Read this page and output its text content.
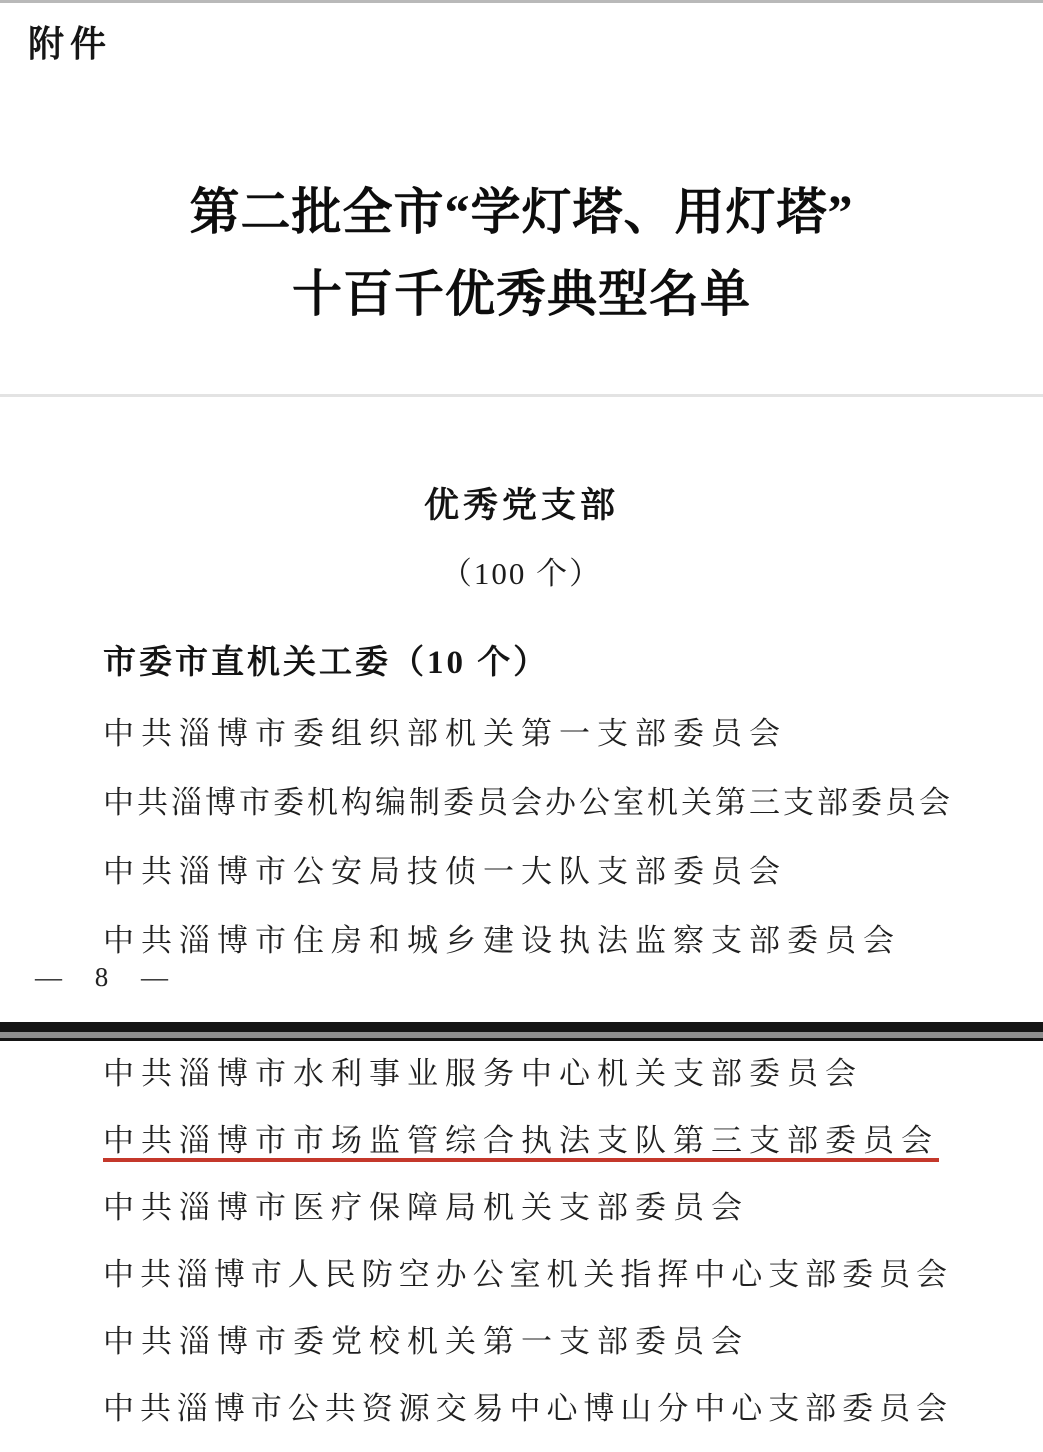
附件
第二批全市“学灯塔、用灯塔”
十百千优秀典型名单
优秀党支部
（100 个）
市委市直机关工委（10 个）
中共淄博市委组织部机关第一支部委员会
中共淄博市委机构编制委员会办公室机关第三支部委员会
中共淄博市公安局技侦一大队支部委员会
中共淄博市住房和城乡建设执法监察支部委员会
— 8 —
中共淄博市水利事业服务中心机关支部委员会
中共淄博市市场监管综合执法支队第三支部委员会
中共淄博市医疗保障局机关支部委员会
中共淄博市人民防空办公室机关指挥中心支部委员会
中共淄博市委党校机关第一支部委员会
中共淄博市公共资源交易中心博山分中心支部委员会
